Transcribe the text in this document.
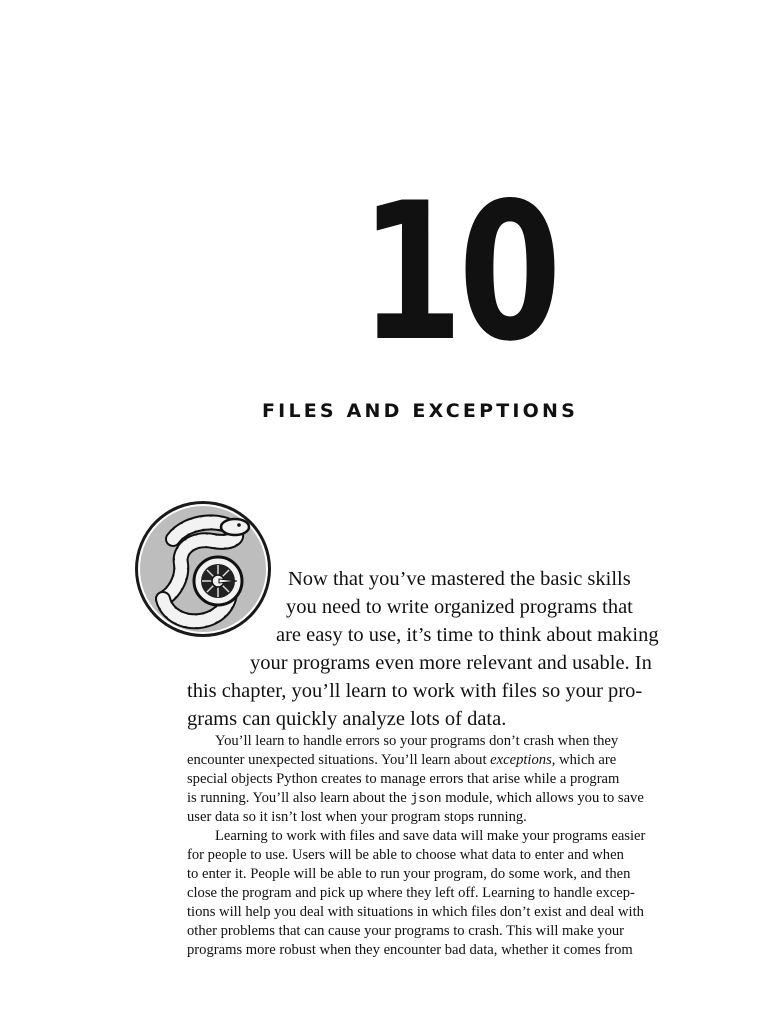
10
FILES AND EXCEPTIONS
Now that you’ve mastered the basic skills
you need to write organized programs that
are easy to use, it’s time to think about making
your programs even more relevant and usable. In
this chapter, you’ll learn to work with files so your pro-
grams can quickly analyze lots of data.
You’ll learn to handle errors so your programs don’t crash when they
encounter unexpected situations. You’ll learn about exceptions, which are
special objects Python creates to manage errors that arise while a program
is running. You’ll also learn about the json module, which allows you to save
user data so it isn’t lost when your program stops running.
Learning to work with files and save data will make your programs easier
for people to use. Users will be able to choose what data to enter and when
to enter it. People will be able to run your program, do some work, and then
close the program and pick up where they left off. Learning to handle excep-
tions will help you deal with situations in which files don’t exist and deal with
other problems that can cause your programs to crash. This will make your
programs more robust when they encounter bad data, whether it comes from
